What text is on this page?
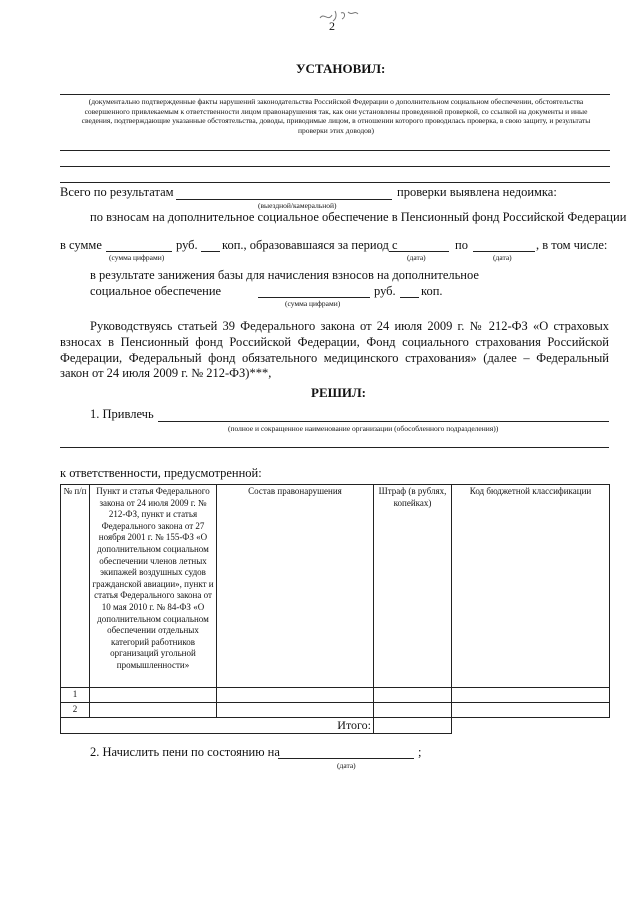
2
УСТАНОВИЛ:
(документально подтвержденные факты нарушений законодательства Российской Федерации о дополнительном социальном обеспечении, обстоятельства совершенного привлекаемым к ответственности лицом правонарушения так, как они установлены проведенной проверкой, со ссылкой на документы и иные сведения, подтверждающие указанные обстоятельства, доводы, приводимые лицом, в отношении которого проводилась проверка, в свою защиту, и результаты проверки этих доводов)
Всего по результатам	проверки выявлена недоимка:
(выездной/камеральной)
по взносам на дополнительное социальное обеспечение в Пенсионный фонд Российской Федерации
в сумме	руб. коп., образовавшаяся за период с	по	, в том числе:
(сумма цифрами)	(дата)	(дата)
в результате занижения базы для начисления взносов на дополнительное
социальное обеспечение	руб. коп.
(сумма цифрами)
Руководствуясь статьей 39 Федерального закона от 24 июля 2009 г. № 212-ФЗ «О страховых взносах в Пенсионный фонд Российской Федерации, Фонд социального страхования Российской Федерации, Федеральный фонд обязательного медицинского страхования» (далее – Федеральный закон от 24 июля 2009 г. № 212-ФЗ)***,
РЕШИЛ:
1. Привлечь
(полное и сокращенное наименование организации (обособленного подразделения))
к ответственности, предусмотренной:
№ п/п	Пункт и статья Федерального закона от 24 июля 2009 г. № 212-ФЗ, пункт и статья Федерального закона от 27 ноября 2001 г. № 155-ФЗ «О дополнительном социальном обеспечении членов летных экипажей воздушных судов гражданской авиации», пункт и статья Федерального закона от 10 мая 2010 г. № 84-ФЗ «О дополнительном социальном обеспечении отдельных категорий работников организаций угольной промышленности»	Состав правонарушения	Штраф (в рублях, копейках)	Код бюджетной классификации
1				
2				
Итого:				
2. Начислить пени по состоянию на	;
(дата)
